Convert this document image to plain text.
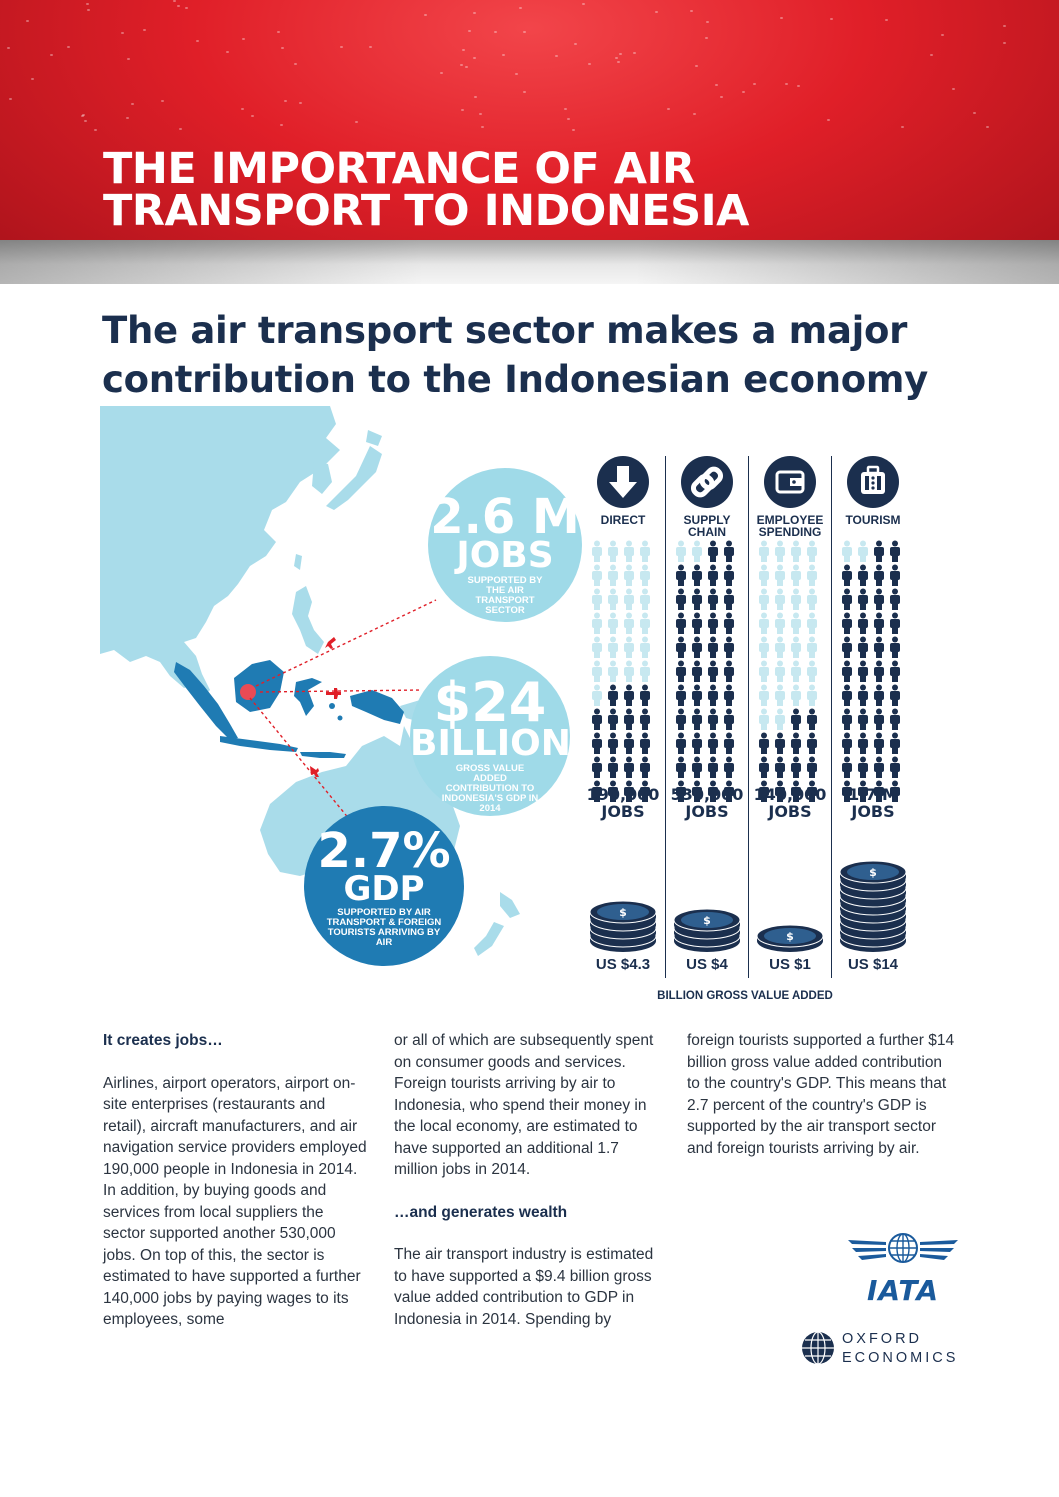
THE IMPORTANCE OF AIR
TRANSPORT TO INDONESIA
The air transport sector makes a major
contribution to the Indonesian economy
2.6 M
JOBS
SUPPORTED BY THE AIR TRANSPORT SECTOR
$24
BILLION
GROSS VALUE ADDED CONTRIBUTION TO INDONESIA'S GDP IN 2014
2.7%
GDP
SUPPORTED BY AIR TRANSPORT & FOREIGN TOURISTS ARRIVING BY AIR
DIRECT
190,000
JOBS
SUPPLY CHAIN
530,000
JOBS
EMPLOYEE SPENDING
140,000
JOBS
TOURISM
1.7 M
JOBS
$
$
$
$
US $4.3	US $4	US $1	US $14
BILLION GROSS VALUE ADDED
It creates jobs…
Airlines, airport operators, airport on-site enterprises (restaurants and retail), aircraft manufacturers, and air navigation service providers employed 190,000 people in Indonesia in 2014. In addition, by buying goods and services from local suppliers the sector supported another 530,000 jobs. On top of this, the sector is estimated to have supported a further 140,000 jobs by paying wages to its employees, some
or all of which are subsequently spent on consumer goods and services. Foreign tourists arriving by air to Indonesia, who spend their money in the local economy, are estimated to have supported an additional 1.7 million jobs in 2014.
…and generates wealth
The air transport industry is estimated to have supported a $9.4 billion gross value added contribution to GDP in Indonesia in 2014. Spending by
foreign tourists supported a further $14 billion gross value added contribution to the country's GDP. This means that 2.7 percent of the country's GDP is supported by the air transport sector and foreign tourists arriving by air.
IATA
OXFORD
ECONOMICS
